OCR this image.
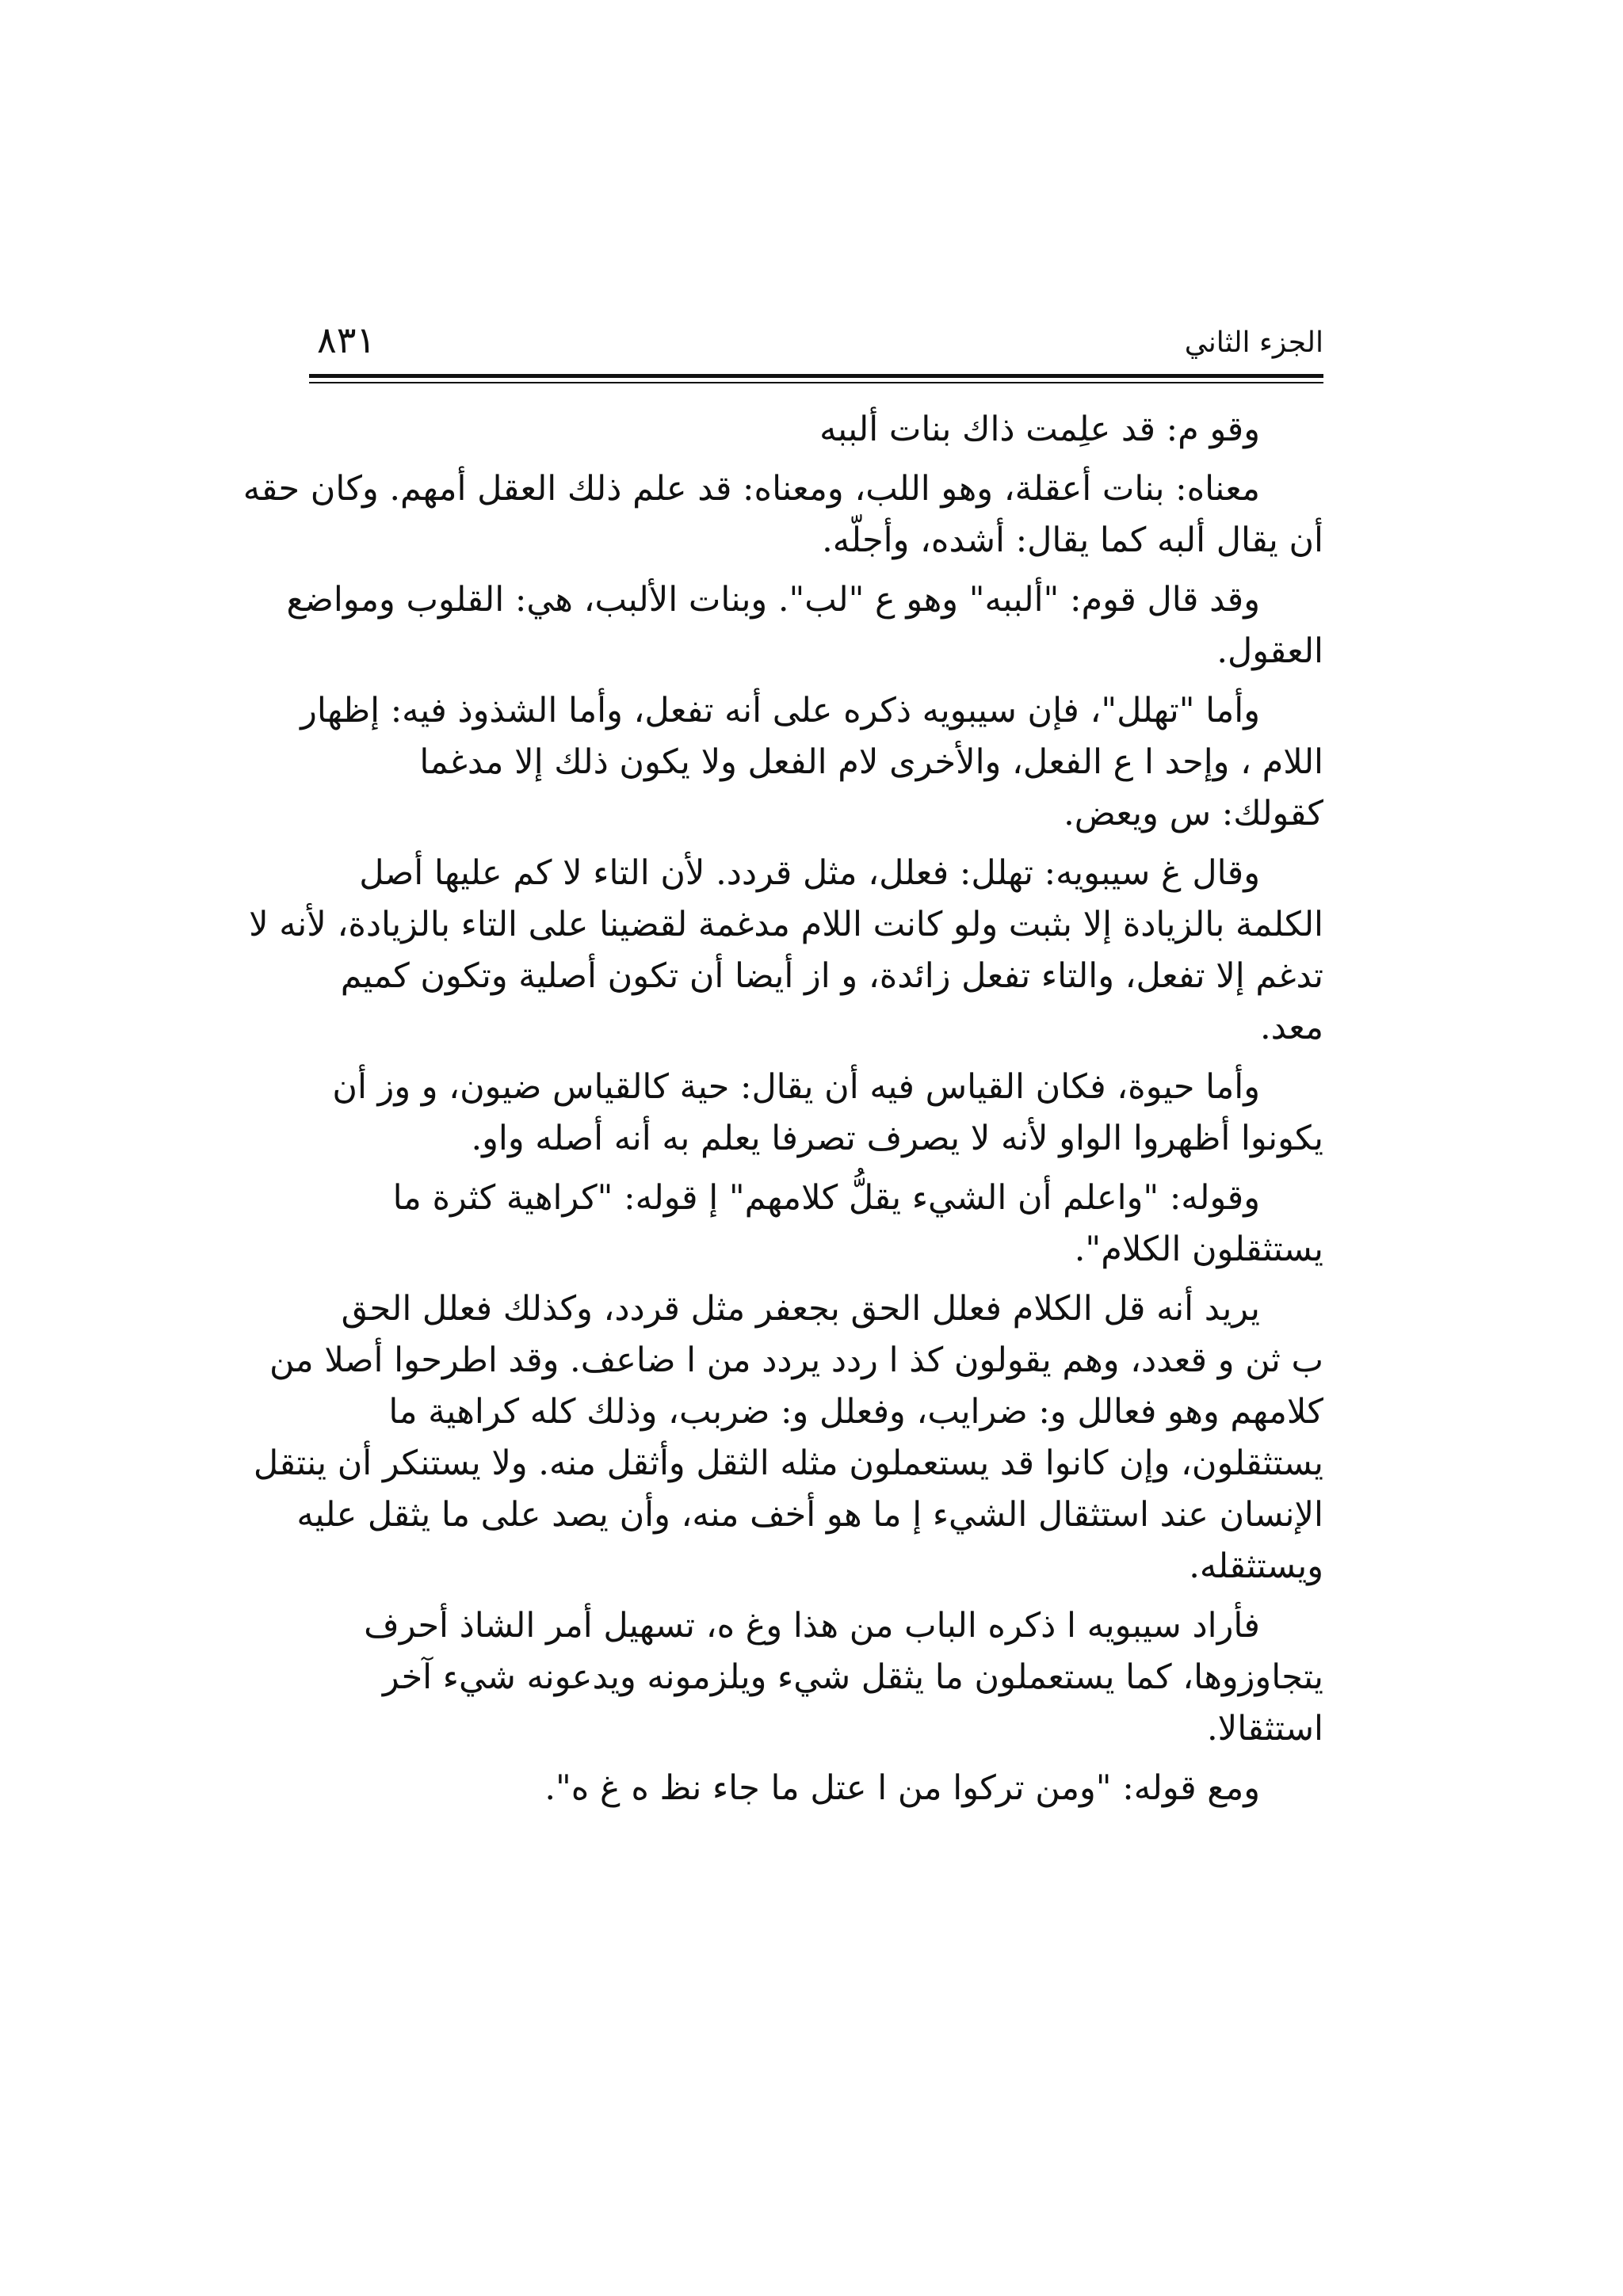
الجزء الثاني
٨٣١

وقو م: قد علِمت ذاك بنات ألببه

معناه: بنات أعقلة، وهو اللب، ومعناه: قد علم ذلك العقل أمهم. وكان حقه
أن يقال ألبه كما يقال: أشده، وأجلّه.

وقد قال قوم: "ألببه" وهو ع "لب". وبنات الألبب، هي: القلوب ومواضع
العقول.

وأما "تهلل"، فإن سيبويه ذكره على أنه تفعل، وأما الشذوذ فيه: إظهار
اللام ، وإحد ا ع الفعل، والأخرى لام الفعل ولا يكون ذلك إلا مدغما
كقولك: س ويعض.

وقال غ سيبويه: تهلل: فعلل، مثل قردد. لأن التاء لا كم عليها أصل
الكلمة بالزيادة إلا بثبت ولو كانت اللام مدغمة لقضينا على التاء بالزيادة، لأنه لا
تدغم إلا تفعل، والتاء تفعل زائدة، و از أيضا أن تكون أصلية وتكون كميم
معد.

وأما حيوة، فكان القياس فيه أن يقال: حية كالقياس ضيون، و وز أن
يكونوا أظهروا الواو لأنه لا يصرف تصرفا يعلم به أنه أصله واو.

وقوله: "واعلم أن الشيء يقلُّ كلامهم" إ قوله: "كراهية كثرة ما
يستثقلون الكلام".

يريد أنه قل الكلام فعلل الحق بجعفر مثل قردد، وكذلك فعلل الحق
ب ثن و قعدد، وهم يقولون كذ ا ردد يردد من ا ضاعف. وقد اطرحوا أصلا من
كلامهم وهو فعالل و: ضرايب، وفعلل و: ضربب، وذلك كله كراهية ما
يستثقلون، وإن كانوا قد يستعملون مثله الثقل وأثقل منه. ولا يستنكر أن ينتقل
الإنسان عند استثقال الشيء إ ما هو أخف منه، وأن يصد على ما يثقل عليه
ويستثقله.

فأراد سيبويه ا ذكره الباب من هذا وغ ه، تسهيل أمر الشاذ أحرف
يتجاوزوها، كما يستعملون ما يثقل شيء ويلزمونه ويدعونه شيء آخر
استثقالا.

ومع قوله: "ومن تركوا من ا عتل ما جاء نظ ه غ ه".
